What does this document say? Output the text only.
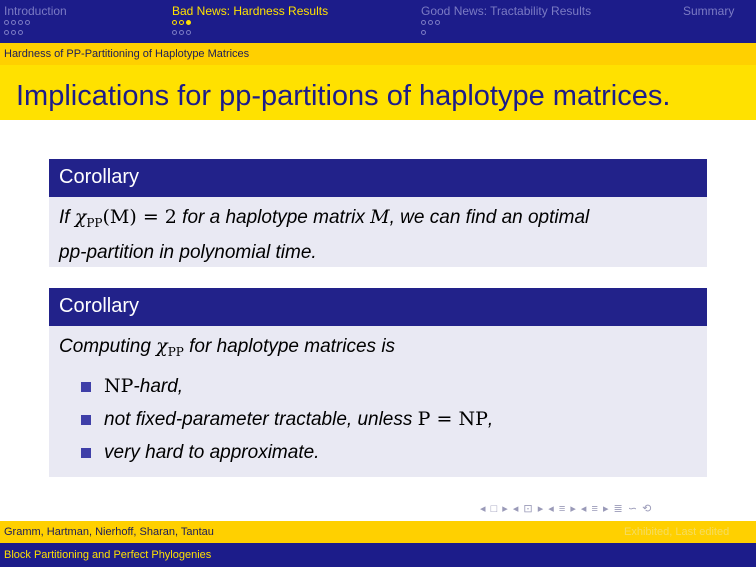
Introduction	Bad News: Hardness Results	Good News: Tractability Results	Summary
Hardness of PP-Partitioning of Haplotype Matrices
Implications for pp-partitions of haplotype matrices.
Corollary
If $\chi_{PP}(M) = 2$ for a haplotype matrix M, we can find an optimal
pp-partition in polynomial time.
Corollary
Computing $\chi_{PP}$ for haplotype matrices is
NP-hard,
not fixed-parameter tractable, unless P = NP,
very hard to approximate.
◂ □ ▸ ◂ ⊡ ▸ ◂ ≡ ▸ ◂ ≡ ▸ ≣ ∽ ⟲
Gramm, Hartman, Nierhoff, Sharan, Tantau	Exhibited, Last edited
Block Partitioning and Perfect Phylogenies
